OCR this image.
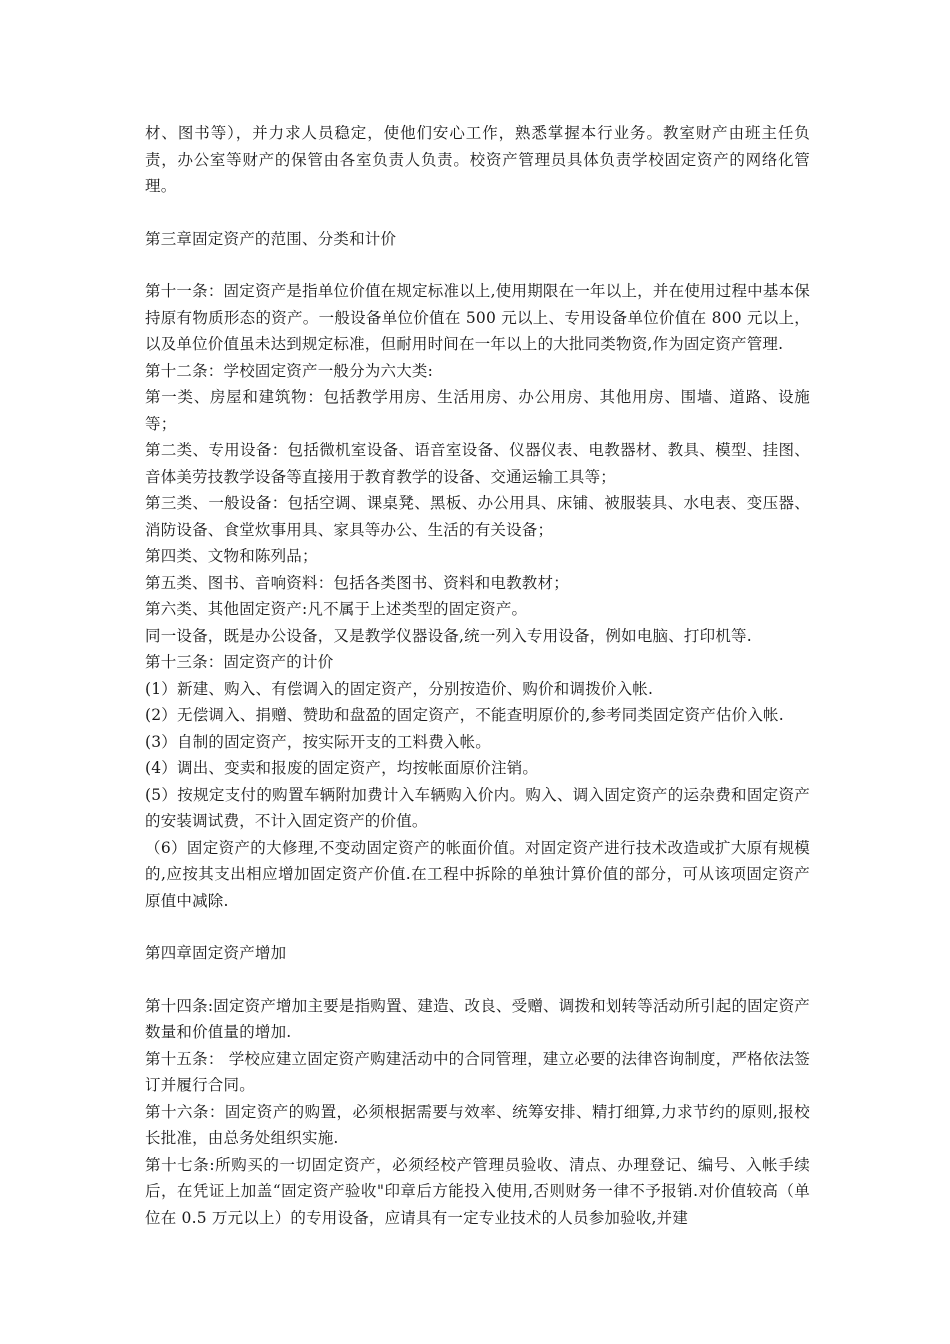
材、图书等），并力求人员稳定，使他们安心工作，熟悉掌握本行业务。教室财产由班主任负责，办公室等财产的保管由各室负责人负责。校资产管理员具体负责学校固定资产的网络化管理。

第三章固定资产的范围、分类和计价

第十一条：固定资产是指单位价值在规定标准以上,使用期限在一年以上，并在使用过程中基本保持原有物质形态的资产。一般设备单位价值在 500 元以上、专用设备单位价值在 800 元以上，以及单位价值虽未达到规定标准，但耐用时间在一年以上的大批同类物资,作为固定资产管理.

第十二条：学校固定资产一般分为六大类:

第一类、房屋和建筑物：包括教学用房、生活用房、办公用房、其他用房、围墙、道路、设施等；

第二类、专用设备：包括微机室设备、语音室设备、仪器仪表、电教器材、教具、模型、挂图、音体美劳技教学设备等直接用于教育教学的设备、交通运输工具等；

第三类、一般设备：包括空调、课桌凳、黑板、办公用具、床铺、被服装具、水电表、变压器、消防设备、食堂炊事用具、家具等办公、生活的有关设备；

第四类、文物和陈列品；

第五类、图书、音响资料：包括各类图书、资料和电教教材；

第六类、其他固定资产:凡不属于上述类型的固定资产。

同一设备，既是办公设备，又是教学仪器设备,统一列入专用设备，例如电脑、打印机等.

第十三条：固定资产的计价

(1）新建、购入、有偿调入的固定资产，分别按造价、购价和调拨价入帐.

(2）无偿调入、捐赠、赞助和盘盈的固定资产，不能查明原价的,参考同类固定资产估价入帐.

(3）自制的固定资产，按实际开支的工料费入帐。

(4）调出、变卖和报废的固定资产，均按帐面原价注销。

(5）按规定支付的购置车辆附加费计入车辆购入价内。购入、调入固定资产的运杂费和固定资产的安装调试费，不计入固定资产的价值。

（6）固定资产的大修理,不变动固定资产的帐面价值。对固定资产进行技术改造或扩大原有规模的,应按其支出相应增加固定资产价值.在工程中拆除的单独计算价值的部分，可从该项固定资产原值中减除.

第四章固定资产增加

第十四条:固定资产增加主要是指购置、建造、改良、受赠、调拨和划转等活动所引起的固定资产数量和价值量的增加.

第十五条： 学校应建立固定资产购建活动中的合同管理，建立必要的法律咨询制度，严格依法签订并履行合同。

第十六条：固定资产的购置，必须根据需要与效率、统筹安排、精打细算,力求节约的原则,报校长批准，由总务处组织实施.

第十七条:所购买的一切固定资产，必须经校产管理员验收、清点、办理登记、编号、入帐手续后，在凭证上加盖“固定资产验收"印章后方能投入使用,否则财务一律不予报销.对价值较高（单位在 0.5 万元以上）的专用设备，应请具有一定专业技术的人员参加验收,并建
